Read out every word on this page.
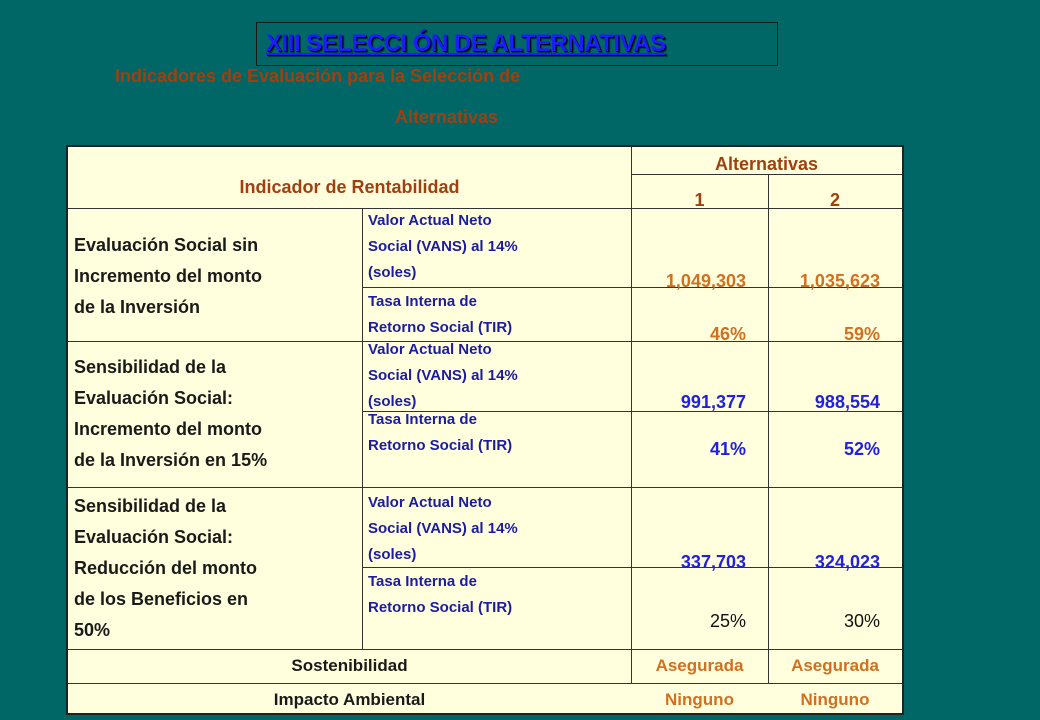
XIII SELECCI ÓN DE ALTERNATIVAS
Indicadores de Evaluación para la Selección de
Alternativas
Indicador de Rentabilidad
Alternativas
1	2
Evaluación Social sin
Incremento del monto
de la Inversión
Valor Actual Neto
Social (VANS) al 14%
(soles)	1,049,303	1,035,623
Tasa Interna de
Retorno Social (TIR)	46%	59%
Sensibilidad de la
Evaluación Social:
Incremento del monto
de la Inversión en 15%
Valor Actual Neto
Social (VANS) al 14%
(soles)	991,377	988,554
Tasa Interna de
Retorno Social (TIR)	41%	52%
Sensibilidad de la
Evaluación Social:
Reducción del monto
de los Beneficios en
50%
Valor Actual Neto
Social (VANS) al 14%
(soles)	337,703	324,023
Tasa Interna de
Retorno Social (TIR)
25%	30%
Sostenibilidad	Asegurada	Asegurada
Impacto Ambiental	Ninguno	Ninguno
